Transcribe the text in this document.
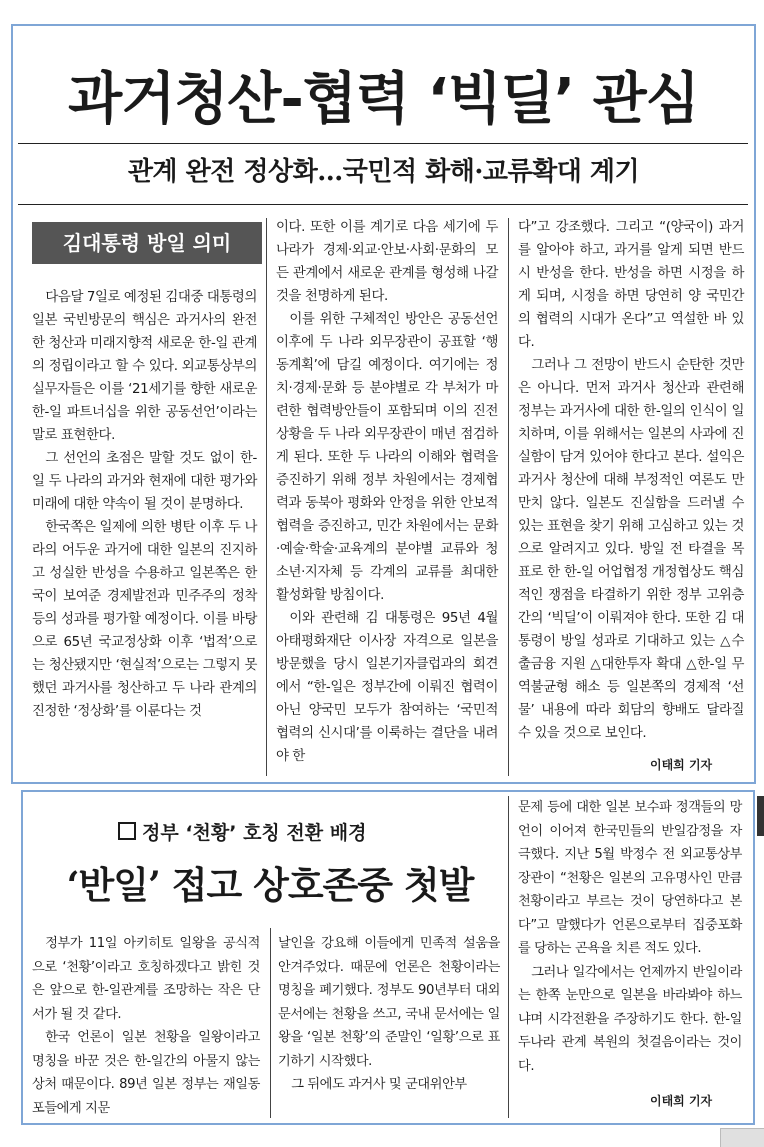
과거청산-협력 ‘빅딜’ 관심
관계 완전 정상화…국민적 화해·교류확대 계기
김대통령 방일 의미

다음달 7일로 예정된 김대중 대통령의 일본 국빈방문의 핵심은 과거사의 완전한 청산과 미래지향적 새로운 한-일 관계의 정립이라고 할 수 있다. 외교통상부의 실무자들은 이를 ‘21세기를 향한 새로운 한-일 파트너십을 위한 공동선언’이라는 말로 표현한다.

그 선언의 초점은 말할 것도 없이 한-일 두 나라의 과거와 현재에 대한 평가와 미래에 대한 약속이 될 것이 분명하다.

한국쪽은 일제에 의한 병탄 이후 두 나라의 어두운 과거에 대한 일본의 진지하고 성실한 반성을 수용하고 일본쪽은 한국이 보여준 경제발전과 민주주의 정착 등의 성과를 평가할 예정이다. 이를 바탕으로 65년 국교정상화 이후 ‘법적’으로는 청산됐지만 ‘현실적’으로는 그렇지 못했던 과거사를 청산하고 두 나라 관계의 진정한 ‘정상화’를 이룬다는 것

이다. 또한 이를 계기로 다음 세기에 두 나라가 경제·외교·안보·사회·문화의 모든 관계에서 새로운 관계를 형성해 나갈 것을 천명하게 된다.

이를 위한 구체적인 방안은 공동선언 이후에 두 나라 외무장관이 공표할 ‘행동계획’에 담길 예정이다. 여기에는 정치·경제·문화 등 분야별로 각 부처가 마련한 협력방안들이 포함되며 이의 진전상황을 두 나라 외무장관이 매년 점검하게 된다. 또한 두 나라의 이해와 협력을 증진하기 위해 정부 차원에서는 경제협력과 동북아 평화와 안정을 위한 안보적 협력을 증진하고, 민간 차원에서는 문화·예술·학술·교육계의 분야별 교류와 청소년·지자체 등 각계의 교류를 최대한 활성화할 방침이다.

이와 관련해 김 대통령은 95년 4월 아태평화재단 이사장 자격으로 일본을 방문했을 당시 일본기자클럽과의 회견에서 “한-일은 정부간에 이뤄진 협력이 아닌 양국민 모두가 참여하는 ‘국민적 협력의 신시대’를 이룩하는 결단을 내려야 한

다”고 강조했다. 그리고 “(양국이) 과거를 알아야 하고, 과거를 알게 되면 반드시 반성을 한다. 반성을 하면 시정을 하게 되며, 시정을 하면 당연히 양 국민간의 협력의 시대가 온다”고 역설한 바 있다.

그러나 그 전망이 반드시 순탄한 것만은 아니다. 먼저 과거사 청산과 관련해 정부는 과거사에 대한 한-일의 인식이 일치하며, 이를 위해서는 일본의 사과에 진실함이 담겨 있어야 한다고 본다. 설익은 과거사 청산에 대해 부정적인 여론도 만만치 않다. 일본도 진실함을 드러낼 수 있는 표현을 찾기 위해 고심하고 있는 것으로 알려지고 있다. 방일 전 타결을 목표로 한 한-일 어업협정 개정협상도 핵심적인 쟁점을 타결하기 위한 정부 고위층간의 ‘빅딜’이 이뤄져야 한다. 또한 김 대통령이 방일 성과로 기대하고 있는 △수출금융 지원 △대한투자 확대 △한-일 무역불균형 해소 등 일본쪽의 경제적 ‘선물’ 내용에 따라 회담의 향배도 달라질 수 있을 것으로 보인다.

이태희 기자
정부 ‘천황’ 호칭 전환 배경
‘반일’ 접고 상호존중 첫발

정부가 11일 아키히토 일왕을 공식적으로 ‘천황’이라고 호칭하겠다고 밝힌 것은 앞으로 한-일관계를 조망하는 작은 단서가 될 것 같다.

한국 언론이 일본 천황을 일왕이라고 명칭을 바꾼 것은 한-일간의 아물지 않는 상처 때문이다. 89년 일본 정부는 재일동포들에게 지문

날인을 강요해 이들에게 민족적 설움을 안겨주었다. 때문에 언론은 천황이라는 명칭을 폐기했다. 정부도 90년부터 대외 문서에는 천황을 쓰고, 국내 문서에는 일왕을 ‘일본 천황’의 준말인 ‘일황’으로 표기하기 시작했다.

그 뒤에도 과거사 및 군대위안부

문제 등에 대한 일본 보수파 정객들의 망언이 이어져 한국민들의 반일감정을 자극했다. 지난 5월 박정수 전 외교통상부 장관이 “천황은 일본의 고유명사인 만큼 천황이라고 부르는 것이 당연하다고 본다”고 말했다가 언론으로부터 집중포화를 당하는 곤욕을 치른 적도 있다.

그러나 일각에서는 언제까지 반일이라는 한쪽 눈만으로 일본을 바라봐야 하느냐며 시각전환을 주장하기도 한다. 한-일 두나라 관계 복원의 첫걸음이라는 것이다.

이태희 기자
